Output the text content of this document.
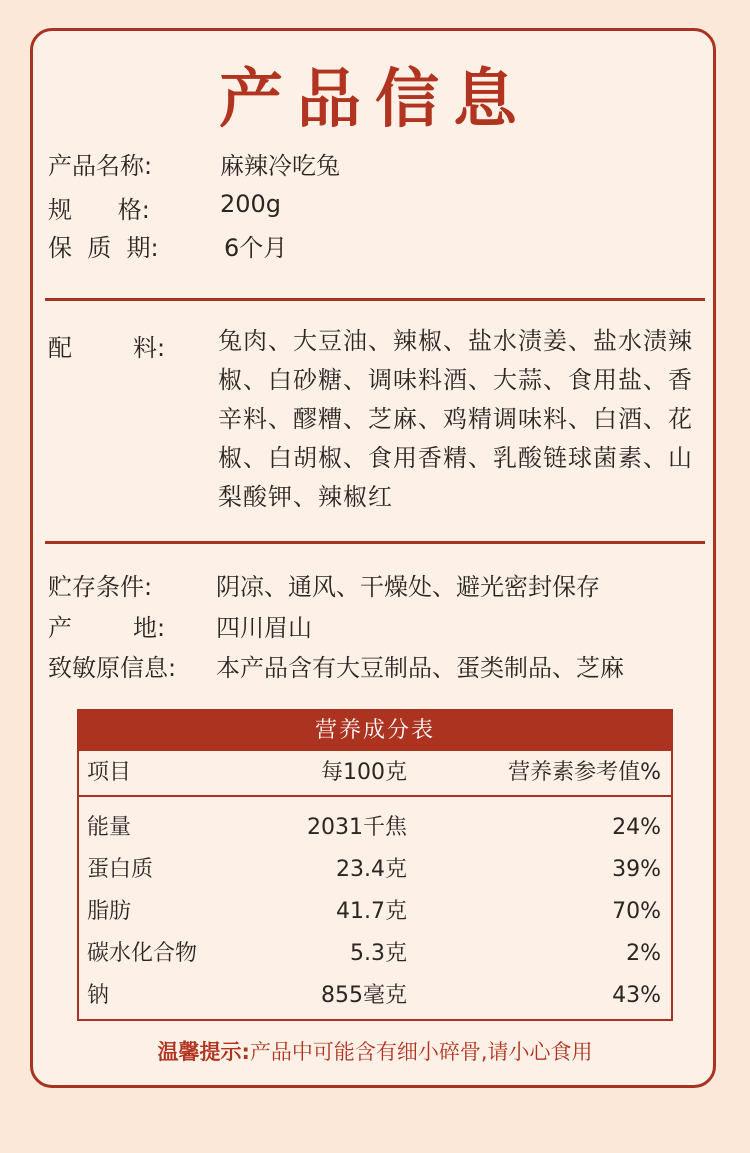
产品信息
产品名称:	麻辣冷吃兔
规      格:	200g
保  质  期:	6个月
配        料: 兔肉、大豆油、辣椒、盐水渍姜、盐水渍辣椒、白砂糖、调味料酒、大蒜、食用盐、香辛料、醪糟、芝麻、鸡精调味料、白酒、花椒、白胡椒、食用香精、乳酸链球菌素、山梨酸钾、辣椒红
贮存条件:	阴凉、通风、干燥处、避光密封保存
产        地: 四川眉山
致敏原信息: 本产品含有大豆制品、蛋类制品、芝麻
营养成分表
项目	每100克	营养素参考值%
能量	2031千焦	24%
蛋白质	23.4克	39%
脂肪	41.7克	70%
碳水化合物	5.3克	2%
钠	855毫克	43%
温馨提示:产品中可能含有细小碎骨,请小心食用
